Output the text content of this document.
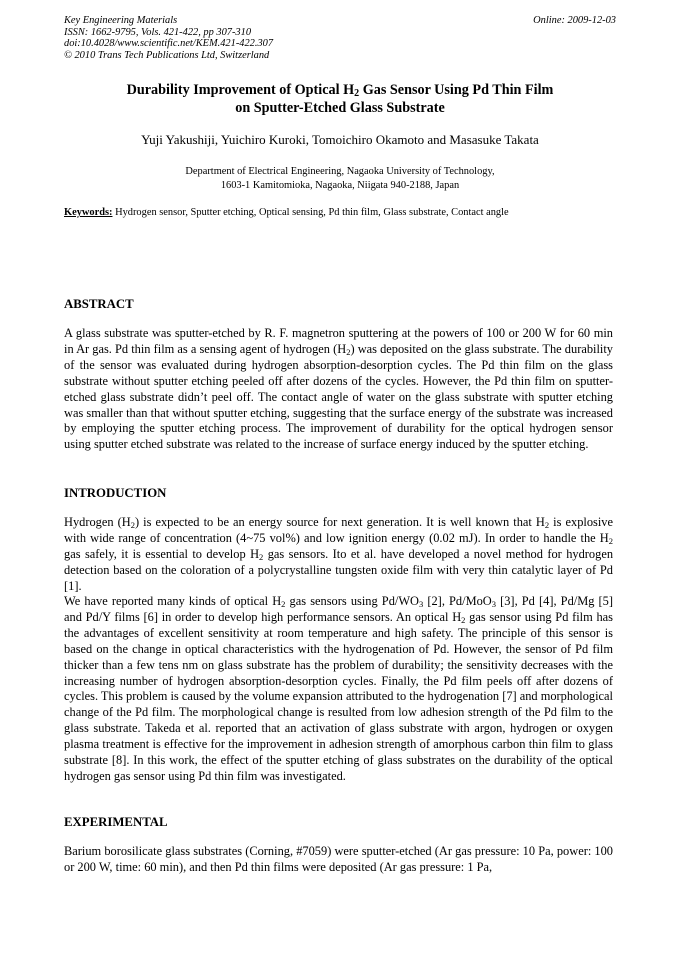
Key Engineering Materials
ISSN: 1662-9795, Vols. 421-422, pp 307-310
doi:10.4028/www.scientific.net/KEM.421-422.307
© 2010 Trans Tech Publications Ltd, Switzerland
Online: 2009-12-03
Durability Improvement of Optical $H_2$ Gas Sensor Using Pd Thin Film
on Sputter-Etched Glass Substrate
Yuji Yakushiji, Yuichiro Kuroki, Tomoichiro Okamoto and Masasuke Takata
Department of Electrical Engineering, Nagaoka University of Technology,
1603-1 Kamitomioka, Nagaoka, Niigata 940-2188, Japan
Keywords: Hydrogen sensor, Sputter etching, Optical sensing, Pd thin film, Glass substrate, Contact angle
ABSTRACT
A glass substrate was sputter-etched by R. F. magnetron sputtering at the powers of 100 or 200 W for 60 min in Ar gas. Pd thin film as a sensing agent of hydrogen $(H_2)$ was deposited on the glass substrate. The durability of the sensor was evaluated during hydrogen absorption-desorption cycles. The Pd thin film on the glass substrate without sputter etching peeled off after dozens of the cycles. However, the Pd thin film on sputter-etched glass substrate didn’t peel off. The contact angle of water on the glass substrate with sputter etching was smaller than that without sputter etching, suggesting that the surface energy of the substrate was increased by employing the sputter etching process. The improvement of durability for the optical hydrogen sensor using sputter etched substrate was related to the increase of surface energy induced by the sputter etching.
INTRODUCTION
Hydrogen $(H_2)$ is expected to be an energy source for next generation. It is well known that $H_2$ is explosive with wide range of concentration (4~75 vol%) and low ignition energy (0.02 mJ). In order to handle the $H_2$ gas safely, it is essential to develop $H_2$ gas sensors. Ito et al. have developed a novel method for hydrogen detection based on the coloration of a polycrystalline tungsten oxide film with very thin catalytic layer of Pd [1].
We have reported many kinds of optical $H_2$ gas sensors using $Pd/WO_3$ [2], Pd/MoO$_3$ [3], Pd [4], Pd/Mg [5] and Pd/Y films [6] in order to develop high performance sensors. An optical $H_2$ gas sensor using Pd film has the advantages of excellent sensitivity at room temperature and high safety. The principle of this sensor is based on the change in optical characteristics with the hydrogenation of Pd. However, the sensor of Pd film thicker than a few tens nm on glass substrate has the problem of durability; the sensitivity decreases with the increasing number of hydrogen absorption-desorption cycles. Finally, the Pd film peels off after dozens of cycles. This problem is caused by the volume expansion attributed to the hydrogenation [7] and morphological change of the Pd film. The morphological change is resulted from low adhesion strength of the Pd film to the glass substrate. Takeda et al. reported that an activation of glass substrate with argon, hydrogen or oxygen plasma treatment is effective for the improvement in adhesion strength of amorphous carbon thin film to glass substrate [8]. In this work, the effect of the sputter etching of glass substrates on the durability of the optical hydrogen gas sensor using Pd thin film was investigated.
EXPERIMENTAL
Barium borosilicate glass substrates (Corning, #7059) were sputter-etched (Ar gas pressure: 10 Pa, power: 100 or 200 W, time: 60 min), and then Pd thin films were deposited (Ar gas pressure: 1 Pa,
